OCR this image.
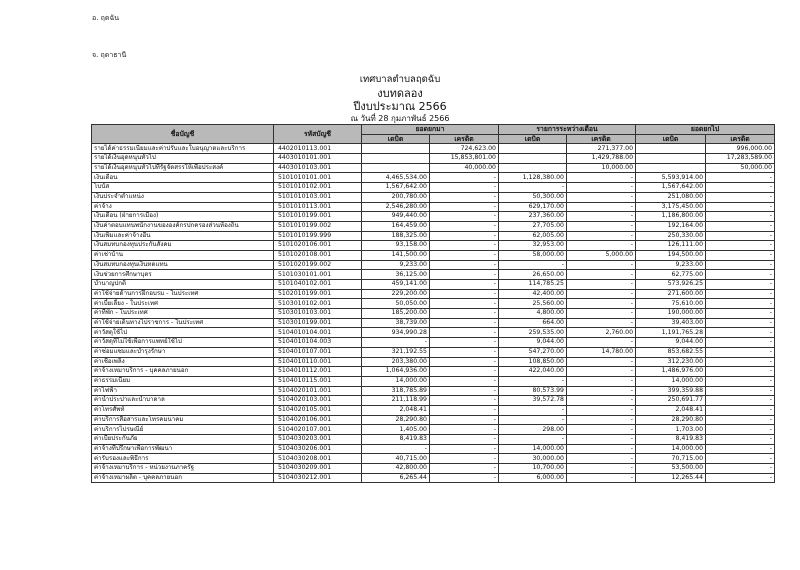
อ. ฤดฉัน
จ. ฤดาธานี
เทศบาลตำบลฤดฉับ
งบทดลอง
ปีงบประมาณ 2566
ณ วันที่ 28 กุมภาพันธ์ 2566
ชื่อบัญชี	รหัสบัญชี	ยอดยกมา		รายการระหว่างเดือน		ยอดยกไป	
		เดบิต	เครดิต	เดบิต	เครดิต	เดบิต	เครดิต
รายได้ค่าธรรมเนียมและค่าปรับและใบอนุญาตและบริการ	4402010113.001		724,623.00		271,377.00		996,000.00
รายได้เงินอุดหนุนทั่วไป	4403010101.001		15,853,801.00		1,429,788.00		17,283,589.00
รายได้เงินอุดหนุนทั่วไปที่รัฐจัดสรรให้เพื่อประสงค์	4403010103.001		40,000.00		10,000.00		50,000.00
เงินเดือน	5101010101.001	4,465,534.00	-	1,128,380.00	-	5,593,914.00	-
โบนัส	5101010102.001	1,567,642.00	-	-	-	1,567,642.00	-
เงินประจำตำแหน่ง	5101010103.001	200,780.00	-	50,300.00	-	251,080.00	-
ค่าจ้าง	5101010113.001	2,546,280.00	-	629,170.00	-	3,175,450.00	-
เงินเดือน (ฝ่ายการเมือง)	5101010199.001	949,440.00	-	237,360.00	-	1,186,800.00	-
เงินค่าตอบแทนพนักงานขององค์กรปกครองส่วนท้องถิ่น	5101010199.002	164,459.00	-	27,705.00	-	192,164.00	-
เงินเพิ่มและค่าจ้างอื่น	5101010199.999	188,325.00	-	62,005.00	-	250,330.00	-
เงินสมทบกองทุนประกันสังคม	5101020106.001	93,158.00	-	32,953.00	-	126,111.00	-
ค่าเช่าบ้าน	5101020108.001	141,500.00	-	58,000.00	5,000.00	194,500.00	-
เงินสมทบกองทุนเงินทดแทน	5101020199.002	9,233.00	-	-	-	9,233.00	-
เงินช่วยการศึกษาบุตร	5101030101.001	36,125.00	-	26,650.00	-	62,775.00	-
บำนาญปกติ	5101040102.001	459,141.00	-	114,785.25	-	573,926.25	-
ค่าใช้จ่ายด้านการฝึกอบรม - ในประเทศ	5102010199.001	229,200.00	-	42,400.00	-	271,600.00	-
ค่าเบี้ยเลี้ยง - ในประเทศ	5103010102.001	50,050.00	-	25,560.00	-	75,610.00	-
ค่าที่พัก - ในประเทศ	5103010103.001	185,200.00	-	4,800.00	-	190,000.00	-
ค่าใช้จ่ายเดินทางไปราชการ - ในประเทศ	5103010199.001	38,739.00	-	664.00	-	39,403.00	-
ค่าวัสดุใช้ไป	5104010104.001	934,990.28	-	259,535.00	2,760.00	1,191,765.28	-
ค่าวัสดุที่ไม่ใช้เพื่อการแพทย์ใช้ไป	5104010104.003	-	-	9,044.00	-	9,044.00	-
ค่าซ่อมแซมและบำรุงรักษา	5104010107.001	321,192.55	-	547,270.00	14,780.00	853,682.55	-
ค่าเชื้อเพลิง	5104010110.001	203,380.00	-	108,850.00	-	312,230.00	-
ค่าจ้างเหมาบริการ - บุคคลภายนอก	5104010112.001	1,064,936.00	-	422,040.00	-	1,486,976.00	-
ค่าธรรมเนียม	5104010115.001	14,000.00	-	-	-	14,000.00	-
ค่าไฟฟ้า	5104020101.001	318,785.89	-	80,573.99	-	399,359.88	-
ค่าน้ำประปาและน้ำบาดาล	5104020103.001	211,118.99	-	39,572.78	-	250,691.77	-
ค่าโทรศัพท์	5104020105.001	2,048.41	-	-	-	2,048.41	-
ค่าบริการสื่อสารและโทรคมนาคม	5104020106.001	28,290.80	-	-	-	28,290.80	-
ค่าบริการไปรษณีย์	5104020107.001	1,405.00	-	298.00	-	1,703.00	-
ค่าเบี้ยประกันภัย	5104030203.001	8,419.83	-	-	-	8,419.83	-
ค่าจ้างที่ปรึกษาเพื่อการพัฒนา	5104030206.001	-	-	14,000.00	-	14,000.00	-
ค่ารับรองและพิธีการ	5104030208.001	40,715.00	-	30,000.00	-	70,715.00	-
ค่าจ้างเหมาบริการ - หน่วยงานภาครัฐ	5104030209.001	42,800.00	-	10,700.00	-	53,500.00	-
ค่าจ้างเหมาผลิต - บุคคลภายนอก	5104030212.001	6,265.44	-	6,000.00	-	12,265.44	-
